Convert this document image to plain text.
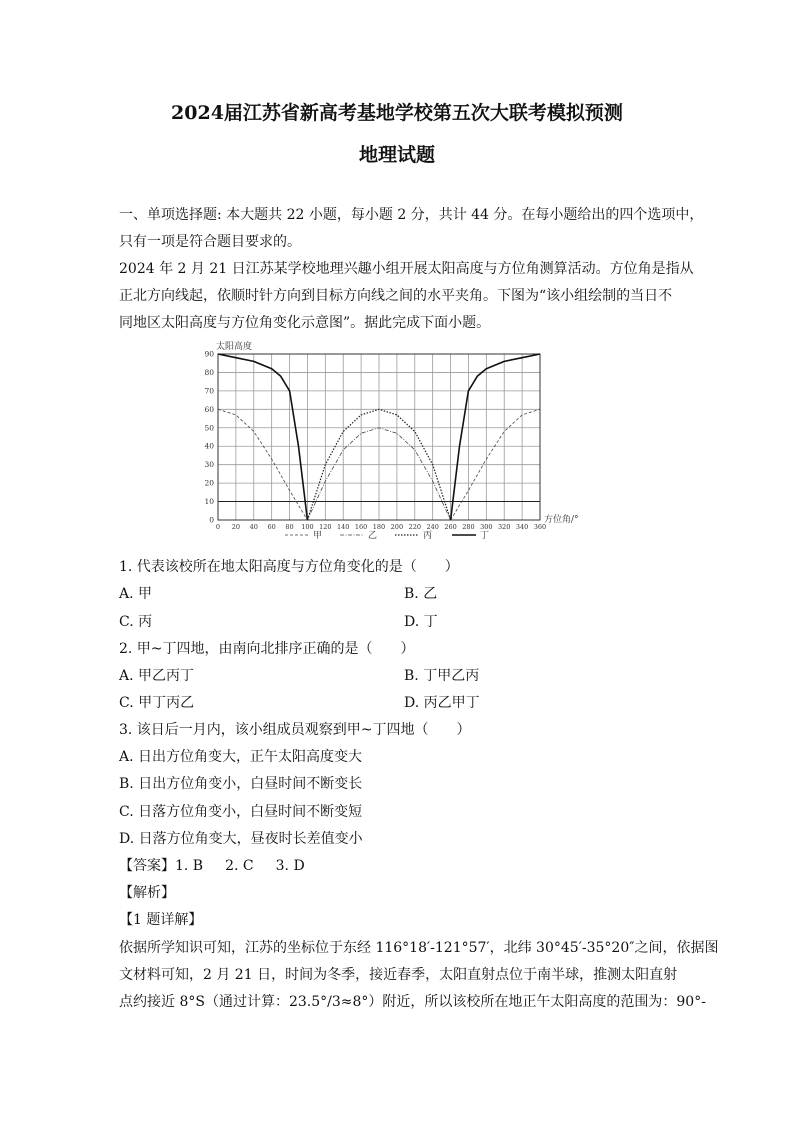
2024届江苏省新高考基地学校第五次大联考模拟预测
地理试题
一、单项选择题: 本大题共 22 小题，每小题 2 分，共计 44 分。在每小题给出的四个选项中，
只有一项是符合题目要求的。
2024 年 2 月 21 日江苏某学校地理兴趣小组开展太阳高度与方位角测算活动。方位角是指从
正北方向线起，依顺时针方向到目标方向线之间的水平夹角。下图为“该小组绘制的当日不
同地区太阳高度与方位角变化示意图”。据此完成下面小题。
0 20 40 60 80 100 120 140 160 180 200 220 240 260 280 300 320 340 360
0
10
20
30
40
50
60
70
80
90
太阳高度
方位角/°
甲	乙	丙	丁
1. 代表该校所在地太阳高度与方位角变化的是（　　）
A. 甲	B. 乙
C. 丙	D. 丁
2. 甲~丁四地，由南向北排序正确的是（　　）
A. 甲乙丙丁	B. 丁甲乙丙
C. 甲丁丙乙	D. 丙乙甲丁
3. 该日后一月内，该小组成员观察到甲~丁四地（　　）
A. 日出方位角变大，正午太阳高度变大
B. 日出方位角变小，白昼时间不断变长
C. 日落方位角变小，白昼时间不断变短
D. 日落方位角变大，昼夜时长差值变小
【答案】1. B 2. C 3. D
【解析】
【1 题详解】
依据所学知识可知，江苏的坐标位于东经 116°18′-121°57′，北纬 30°45′-35°20″之间，依据图
文材料可知，2 月 21 日，时间为冬季，接近春季，太阳直射点位于南半球，推测太阳直射
点约接近 8°S（通过计算：23.5°/3≈8°）附近，所以该校所在地正午太阳高度的范围为：90°-
